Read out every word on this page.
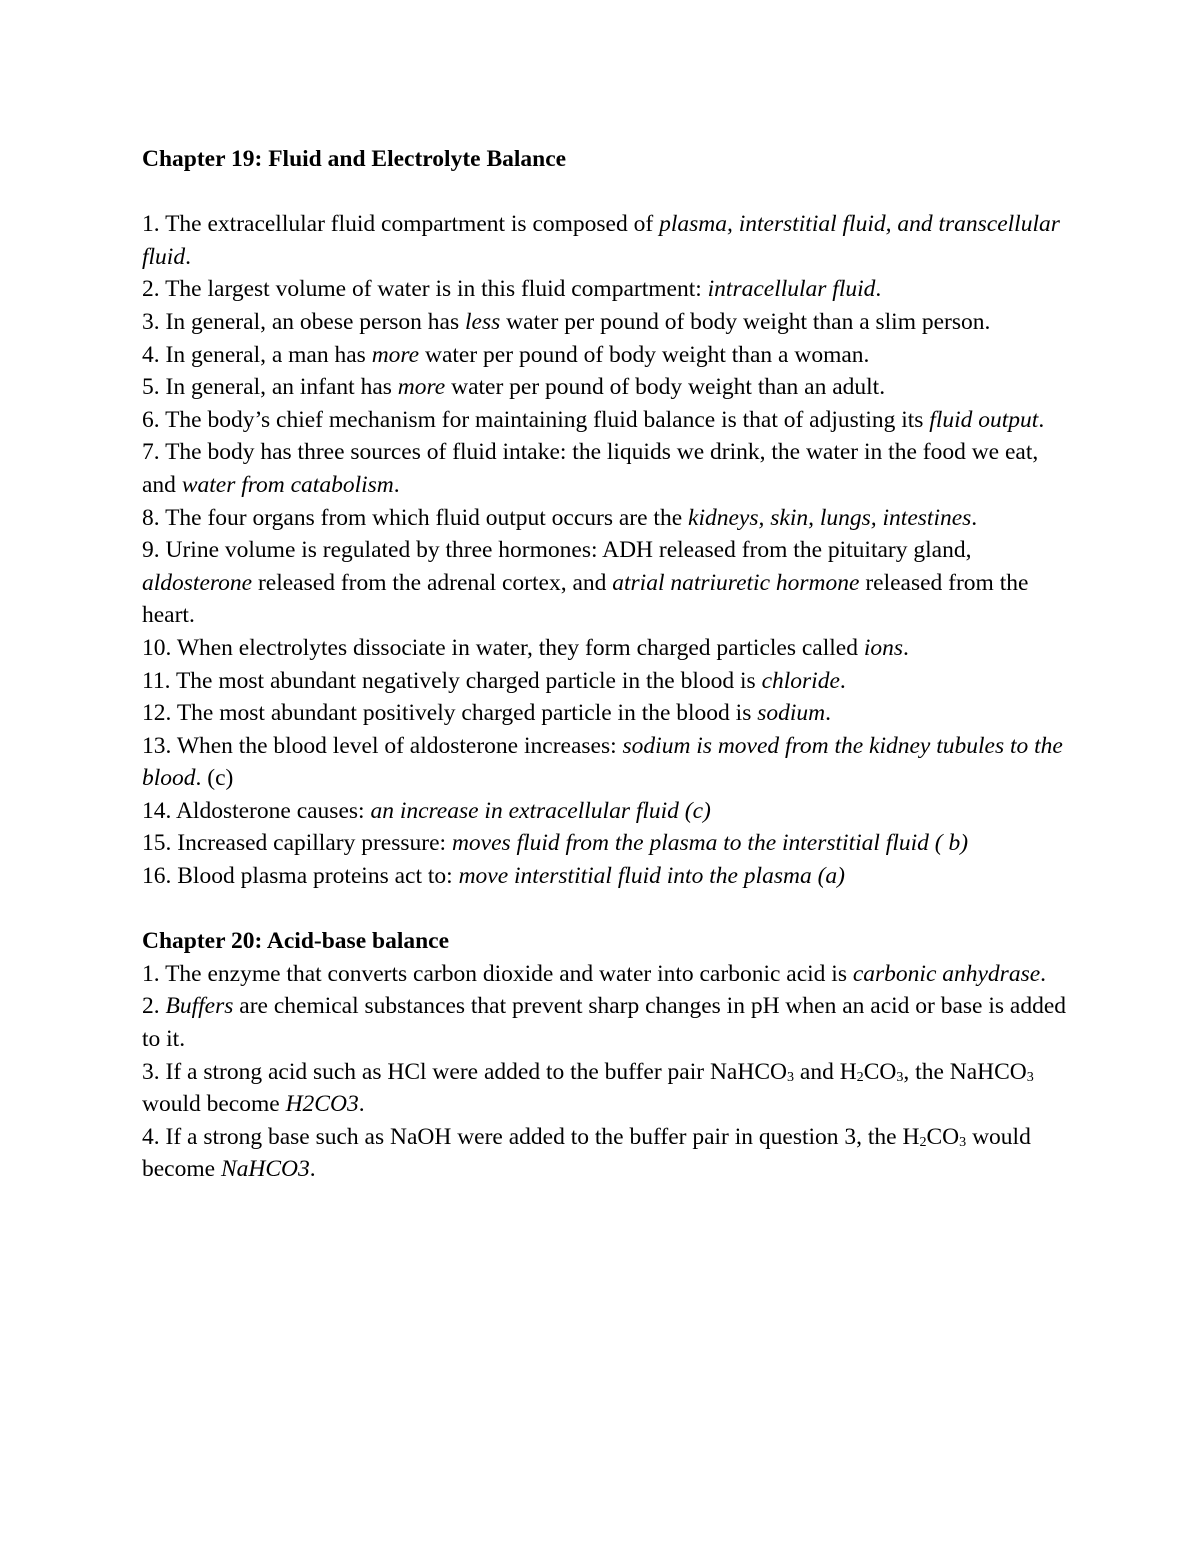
Chapter 19: Fluid and Electrolyte Balance

1. The extracellular fluid compartment is composed of plasma, interstitial fluid, and transcellular fluid.

2. The largest volume of water is in this fluid compartment: intracellular fluid.

3. In general, an obese person has less water per pound of body weight than a slim person.

4. In general, a man has more water per pound of body weight than a woman.

5. In general, an infant has more water per pound of body weight than an adult.

6. The body’s chief mechanism for maintaining fluid balance is that of adjusting its fluid output.

7. The body has three sources of fluid intake: the liquids we drink, the water in the food we eat, and water from catabolism.

8. The four organs from which fluid output occurs are the kidneys, skin, lungs, intestines.

9. Urine volume is regulated by three hormones: ADH released from the pituitary gland, aldosterone released from the adrenal cortex, and atrial natriuretic hormone released from the heart.

10. When electrolytes dissociate in water, they form charged particles called ions.

11. The most abundant negatively charged particle in the blood is chloride.

12. The most abundant positively charged particle in the blood is sodium.

13. When the blood level of aldosterone increases: sodium is moved from the kidney tubules to the blood. (c)

14. Aldosterone causes: an increase in extracellular fluid (c)

15. Increased capillary pressure: moves fluid from the plasma to the interstitial fluid ( b)

16. Blood plasma proteins act to: move interstitial fluid into the plasma (a)

Chapter 20: Acid-base balance

1. The enzyme that converts carbon dioxide and water into carbonic acid is carbonic anhydrase.

2. Buffers are chemical substances that prevent sharp changes in pH when an acid or base is added to it.

3. If a strong acid such as HCl were added to the buffer pair NaHCO$_3$ and $H_2CO_3$, the NaHCO$_3$ would become H2CO3.

4. If a strong base such as NaOH were added to the buffer pair in question 3, the $H_2CO_3$ would become NaHCO3.
